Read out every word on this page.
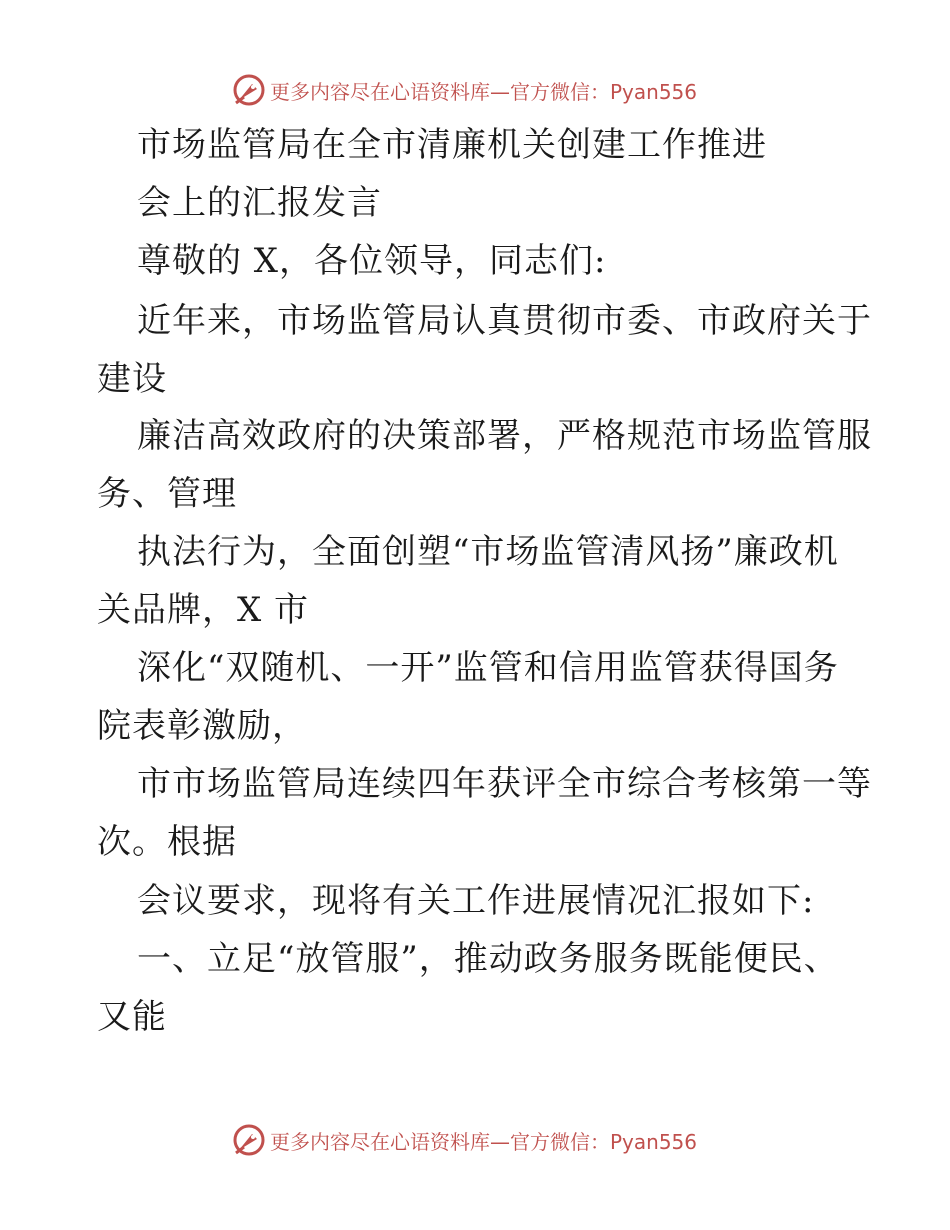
更多内容尽在心语资料库—官方微信：Pyan556
市场监管局在全市清廉机关创建工作推进
会上的汇报发言
尊敬的 X，各位领导，同志们:
近年来，市场监管局认真贯彻市委、市政府关于
建设
廉洁高效政府的决策部署，严格规范市场监管服
务、管理
执法行为，全面创塑“市场监管清风扬”廉政机
关品牌，X 市
深化“双随机、一开”监管和信用监管获得国务
院表彰激励，
市市场监管局连续四年获评全市综合考核第一等
次。根据
会议要求，现将有关工作进展情况汇报如下:
一、立足“放管服”，推动政务服务既能便民、
又能
更多内容尽在心语资料库—官方微信：Pyan556
